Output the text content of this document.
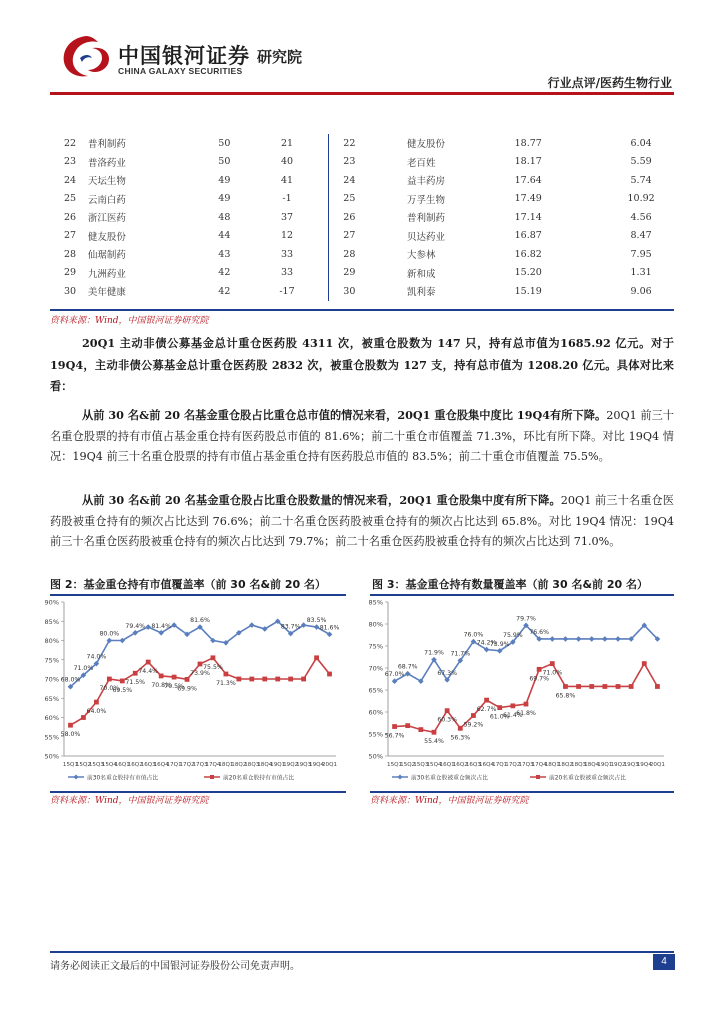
中国银河证券
CHINA GALAXY SECURITIES
研究院
行业点评/医药生物行业
22	普利制药	50	21		22		健友股份	18.77	6.04
23	普洛药业	50	40		23		老百姓	18.17	5.59
24	天坛生物	49	41		24		益丰药房	17.64	5.74
25	云南白药	49	-1		25		万孚生物	17.49	10.92
26	浙江医药	48	37		26		普利制药	17.14	4.56
27	健友股份	44	12		27		贝达药业	16.87	8.47
28	仙琚制药	43	33		28		大参林	16.82	7.95
29	九洲药业	42	33		29		新和成	15.20	1.31
30	美年健康	42	-17		30		凯利泰	15.19	9.06
资料来源：Wind，中国银河证券研究院
20Q1 主动非债公募基金总计重仓医药股 4311 次，被重仓股数为 147 只，持有总市值为1685.92 亿元。对于 19Q4，主动非债公募基金总计重仓医药股 2832 次，被重仓股数为 127 支，持有总市值为 1208.20 亿元。具体对比来看：
从前 30 名&前 20 名基金重仓股占比重仓总市值的情况来看，20Q1 重仓股集中度比 19Q4有所下降。20Q1 前三十名重仓股票的持有市值占基金重仓持有医药股总市值的 81.6%；前二十重仓市值覆盖 71.3%，环比有所下降。对比 19Q4 情况：19Q4 前三十名重仓股票的持有市值占基金重仓持有医药股总市值的 83.5%；前二十重仓市值覆盖 75.5%。
从前 30 名&前 20 名基金重仓股占比重仓股数量的情况来看，20Q1 重仓股集中度有所下降。20Q1 前三十名重仓医药股被重仓持有的频次占比达到 76.6%；前二十名重仓医药股被重仓持有的频次占比达到 65.8%。对比 19Q4 情况：19Q4 前三十名重仓医药股被重仓持有的频次占比达到 79.7%；前二十名重仓医药股被重仓持有的频次占比达到 71.0%。
图 2：基金重仓持有市值覆盖率（前 30 名&前 20 名）
50%
55%
60%
65%
70%
75%
80%
85%
90%
15Q1
15Q2
15Q3
15Q4
16Q1
16Q2
16Q3
16Q4
17Q1
17Q2
17Q3
17Q4
18Q1
18Q2
18Q3
18Q4
19Q1
19Q2
19Q3
19Q4
20Q1
68.0%
71.0%
74.0%
80.0%
79.4% 81.4%
81.6%
83.7%
83.5%
81.6%
58.0%
64.0%
70.0%
69.5%
71.5%
74.4%
70.8%
70.5%
69.9%
73.9%
75.5%
71.3%
前30名重仓股持有市值占比	前20名重仓股持有市值占比
资料来源：Wind，中国银河证券研究院
图 3：基金重仓持有数量覆盖率（前 30 名&前 20 名）
50%
55%
60%
65%
70%
75%
80%
85%
15Q1
15Q2
15Q3
15Q4
16Q1
16Q2
16Q3
16Q4
17Q1
17Q2
17Q3
17Q4
18Q1
18Q2
18Q3
18Q4
19Q1
19Q2
19Q3
19Q4
20Q1
67.0%
68.7%
71.9%
67.3%
71.7%
76.0%
74.2%
73.9%
75.9%
79.7%
76.6%
56.7%
55.4%
60.3%
56.3%
59.2%
62.7%
61.0%
61.4%
61.8%
69.7%
71.0%
65.8%
前30名重仓股被重仓频次占比	前20名重仓股被重仓频次占比
资料来源：Wind，中国银河证券研究院
请务必阅读正文最后的中国银河证券股份公司免责声明。	4
